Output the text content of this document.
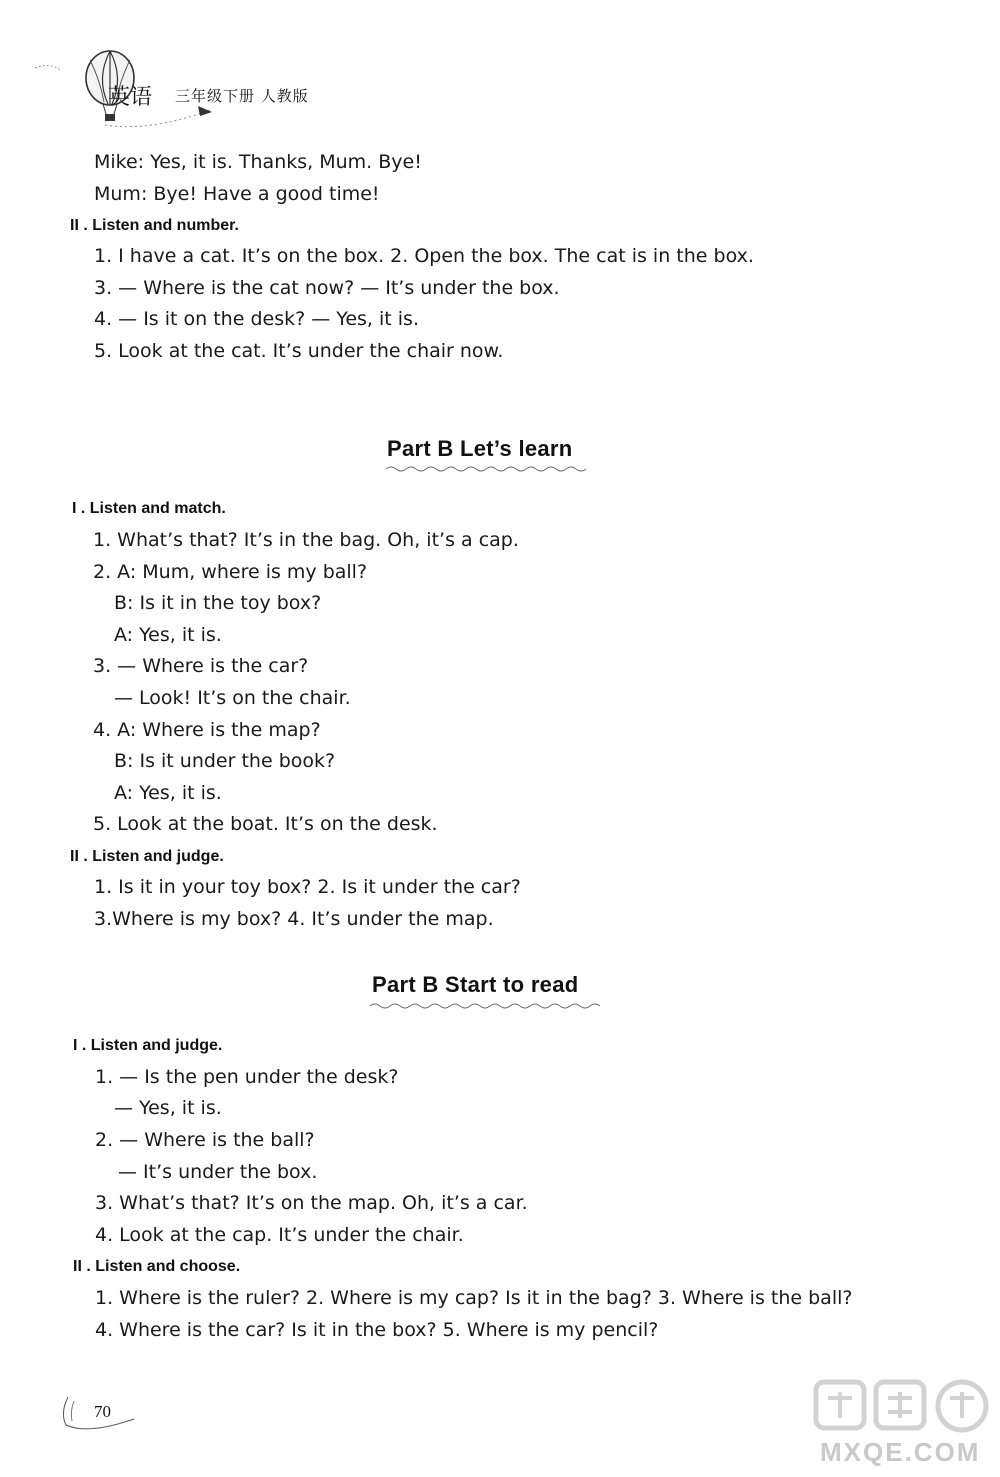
英语 三年级下册 人教版
Mike: Yes, it is. Thanks, Mum. Bye!
Mum: Bye! Have a good time!
II . Listen and number.
1. I have a cat. It’s on the box. 2. Open the box. The cat is in the box.
3. — Where is the cat now? — It’s under the box.
4. — Is it on the desk? — Yes, it is.
5. Look at the cat. It’s under the chair now.
Part B Let’s learn
I . Listen and match.
1. What’s that? It’s in the bag. Oh, it’s a cap.
2. A: Mum, where is my ball?
B: Is it in the toy box?
A: Yes, it is.
3. — Where is the car?
— Look! It’s on the chair.
4. A: Where is the map?
B: Is it under the book?
A: Yes, it is.
5. Look at the boat. It’s on the desk.
II . Listen and judge.
1. Is it in your toy box? 2. Is it under the car?
3.Where is my box? 4. It’s under the map.
Part B Start to read
I . Listen and judge.
1. — Is the pen under the desk?
— Yes, it is.
2. — Where is the ball?
— It’s under the box.
3. What’s that? It’s on the map. Oh, it’s a car.
4. Look at the cap. It’s under the chair.
II . Listen and choose.
1. Where is the ruler? 2. Where is my cap? Is it in the bag? 3. Where is the ball?
4. Where is the car? Is it in the box? 5. Where is my pencil?
70
MXQE.COM
